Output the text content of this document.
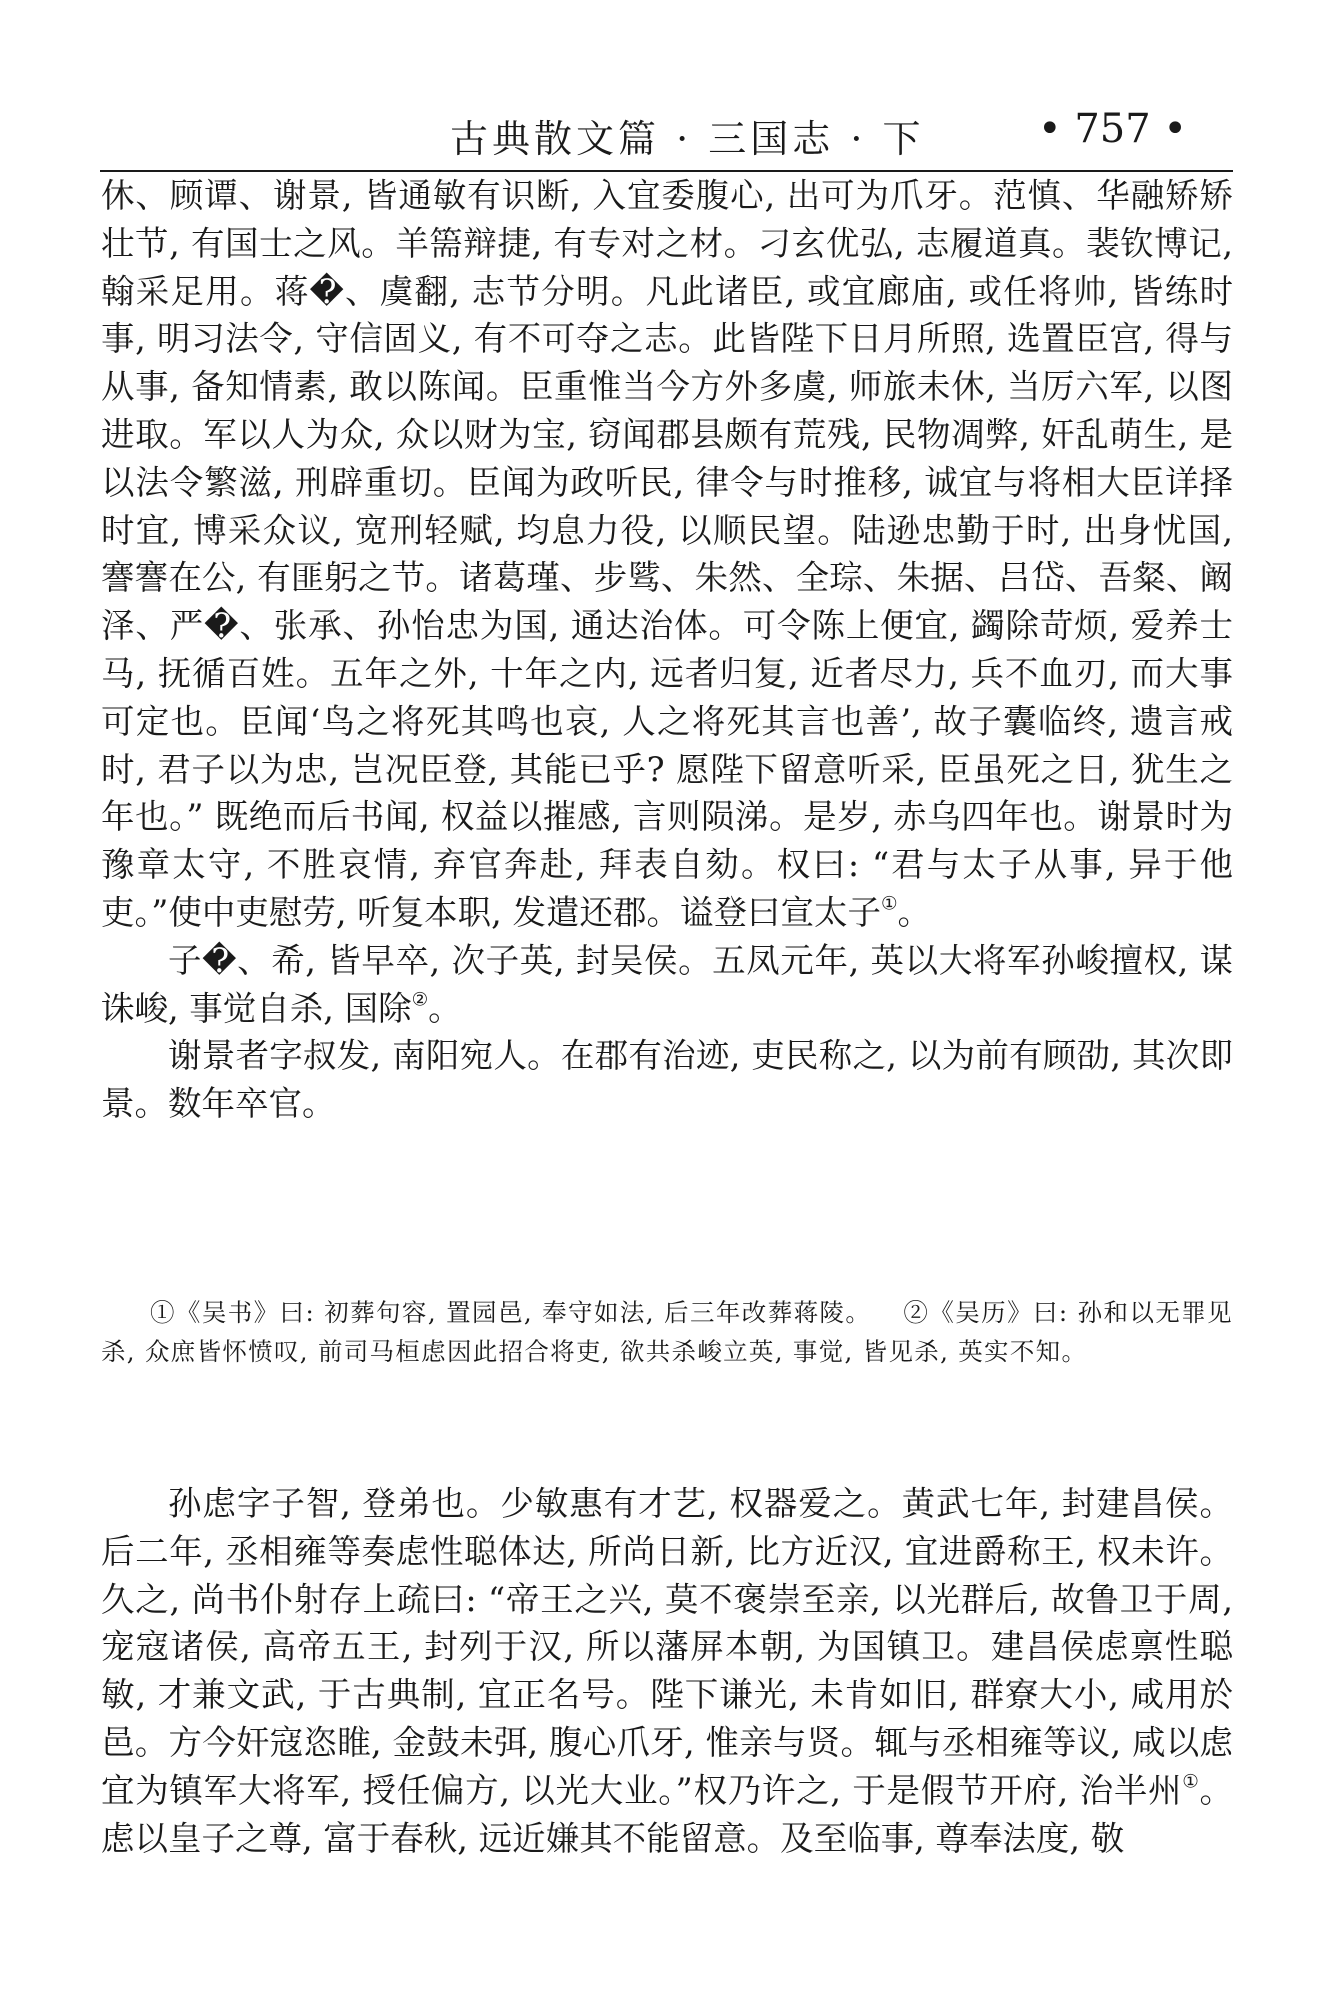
古典散文篇 · 三国志 · 下	• 757 •

休、顾谭、谢景, 皆通敏有识断, 入宜委腹心, 出可为爪牙。范慎、华融矫矫壮节, 有国士之风。羊篅辩捷, 有专对之材。刁玄优弘, 志履道真。裴钦博记, 翰采足用。蒋�、虞翻, 志节分明。凡此诸臣, 或宜廊庙, 或任将帅, 皆练时事, 明习法令, 守信固义, 有不可夺之志。此皆陛下日月所照, 选置臣宫, 得与从事, 备知情素, 敢以陈闻。臣重惟当今方外多虞, 师旅未休, 当厉六军, 以图进取。军以人为众, 众以财为宝, 窃闻郡县颇有荒残, 民物凋弊, 奸乱萌生, 是以法令繁滋, 刑辟重切。臣闻为政听民, 律令与时推移, 诚宜与将相大臣详择时宜, 博采众议, 宽刑轻赋, 均息力役, 以顺民望。陆逊忠勤于时, 出身忧国, 謇謇在公, 有匪躬之节。诸葛瑾、步骘、朱然、全琮、朱据、吕岱、吾粲、阚泽、严�、张承、孙怡忠为国, 通达治体。可令陈上便宜, 蠲除苛烦, 爱养士马, 抚循百姓。五年之外, 十年之内, 远者归复, 近者尽力, 兵不血刃, 而大事可定也。臣闻‘鸟之将死其鸣也哀, 人之将死其言也善’, 故子囊临终, 遗言戒时, 君子以为忠, 岂况臣登, 其能已乎? 愿陛下留意听采, 臣虽死之日, 犹生之年也。” 既绝而后书闻, 权益以摧感, 言则陨涕。是岁, 赤乌四年也。谢景时为豫章太守, 不胜哀情, 弃官奔赴, 拜表自劾。权曰: “君与太子从事, 异于他吏。”使中吏慰劳, 听复本职, 发遣还郡。谥登曰宣太子①。

子�、希, 皆早卒, 次子英, 封吴侯。五凤元年, 英以大将军孙峻擅权, 谋诛峻, 事觉自杀, 国除②。

谢景者字叔发, 南阳宛人。在郡有治迹, 吏民称之, 以为前有顾劭, 其次即景。数年卒官。

①《吴书》曰: 初葬句容, 置园邑, 奉守如法, 后三年改葬蒋陵。 ②《吴历》曰: 孙和以无罪见杀, 众庶皆怀愤叹, 前司马桓虑因此招合将吏, 欲共杀峻立英, 事觉, 皆见杀, 英实不知。

孙虑字子智, 登弟也。少敏惠有才艺, 权器爱之。黄武七年, 封建昌侯。后二年, 丞相雍等奏虑性聪体达, 所尚日新, 比方近汉, 宜进爵称王, 权未许。久之, 尚书仆射存上疏曰: “帝王之兴, 莫不褒崇至亲, 以光群后, 故鲁卫于周, 宠寇诸侯, 高帝五王, 封列于汉, 所以藩屏本朝, 为国镇卫。建昌侯虑禀性聪敏, 才兼文武, 于古典制, 宜正名号。陛下谦光, 未肯如旧, 群寮大小, 咸用於邑。方今奸寇恣睢, 金鼓未弭, 腹心爪牙, 惟亲与贤。辄与丞相雍等议, 咸以虑宜为镇军大将军, 授任偏方, 以光大业。”权乃许之, 于是假节开府, 治半州①。虑以皇子之尊, 富于春秋, 远近嫌其不能留意。及至临事, 尊奉法度, 敬
